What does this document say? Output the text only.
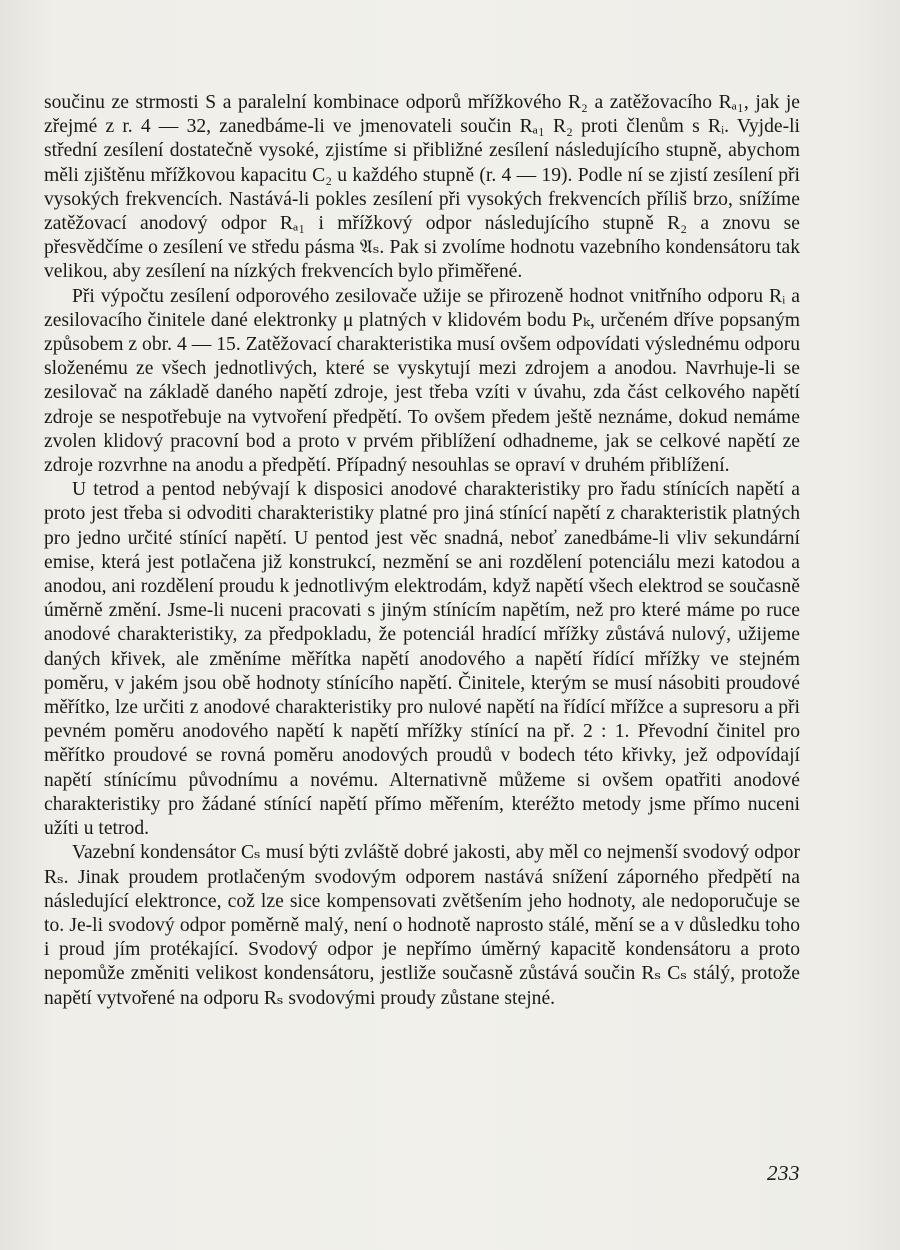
součinu ze strmosti S a paralelní kombinace odporů mřížkového R₂ a zatěžovacího Rₐ₁, jak je zřejmé z r. 4 — 32, zanedbáme-li ve jmenovateli součin Rₐ₁ R₂ proti členům s Rᵢ. Vyjde-li střední zesílení dostatečně vysoké, zjistíme si přibližné zesílení následujícího stupně, abychom měli zjištěnu mřížkovou kapacitu C₂ u každého stupně (r. 4 — 19). Podle ní se zjistí zesílení při vysokých frekvencích. Nastává-li pokles zesílení při vysokých frekvencích příliš brzo, snížíme zatěžovací anodový odpor Rₐ₁ i mřížkový odpor následujícího stupně R₂ a znovu se přesvědčíme o zesílení ve středu pásma 𝔄ₛ. Pak si zvolíme hodnotu vazebního kondensátoru tak velikou, aby zesílení na nízkých frekvencích bylo přiměřené.

Při výpočtu zesílení odporového zesilovače užije se přirozeně hodnot vnitřního odporu Rᵢ a zesilovacího činitele dané elektronky μ platných v klidovém bodu Pₖ, určeném dříve popsaným způsobem z obr. 4 — 15. Zatěžovací charakteristika musí ovšem odpovídati výslednému odporu složenému ze všech jednotlivých, které se vyskytují mezi zdrojem a anodou. Navrhuje-li se zesilovač na základě daného napětí zdroje, jest třeba vzíti v úvahu, zda část celkového napětí zdroje se nespotřebuje na vytvoření předpětí. To ovšem předem ještě neznáme, dokud nemáme zvolen klidový pracovní bod a proto v prvém přiblížení odhadneme, jak se celkové napětí ze zdroje rozvrhne na anodu a předpětí. Případný nesouhlas se opraví v druhém přiblížení.

U tetrod a pentod nebývají k disposici anodové charakteristiky pro řadu stínících napětí a proto jest třeba si odvoditi charakteristiky platné pro jiná stínící napětí z charakteristik platných pro jedno určité stínící napětí. U pentod jest věc snadná, neboť zanedbáme-li vliv sekundární emise, která jest potlačena již konstrukcí, nezmění se ani rozdělení potenciálu mezi katodou a anodou, ani rozdělení proudu k jednotlivým elektrodám, když napětí všech elektrod se současně úměrně změní. Jsme-li nuceni pracovati s jiným stínícím napětím, než pro které máme po ruce anodové charakteristiky, za předpokladu, že potenciál hradící mřížky zůstává nulový, užijeme daných křivek, ale změníme měřítka napětí anodového a napětí řídící mřížky ve stejném poměru, v jakém jsou obě hodnoty stínícího napětí. Činitele, kterým se musí násobiti proudové měřítko, lze určiti z anodové charakteristiky pro nulové napětí na řídící mřížce a supresoru a při pevném poměru anodového napětí k napětí mřížky stínící na př. 2 : 1. Převodní činitel pro měřítko proudové se rovná poměru anodových proudů v bodech této křivky, jež odpovídají napětí stínícímu původnímu a novému. Alternativně můžeme si ovšem opatřiti anodové charakteristiky pro žádané stínící napětí přímo měřením, kteréžto metody jsme přímo nuceni užíti u tetrod.

Vazební kondensátor Cₛ musí býti zvláště dobré jakosti, aby měl co nejmenší svodový odpor Rₛ. Jinak proudem protlačeným svodovým odporem nastává snížení záporného předpětí na následující elektronce, což lze sice kompensovati zvětšením jeho hodnoty, ale nedoporučuje se to. Je-li svodový odpor poměrně malý, není o hodnotě naprosto stálé, mění se a v důsledku toho i proud jím protékající. Svodový odpor je nepřímo úměrný kapacitě kondensátoru a proto nepomůže změniti velikost kondensátoru, jestliže současně zůstává součin Rₛ Cₛ stálý, protože napětí vytvořené na odporu Rₛ svodovými proudy zůstane stejné.

233
